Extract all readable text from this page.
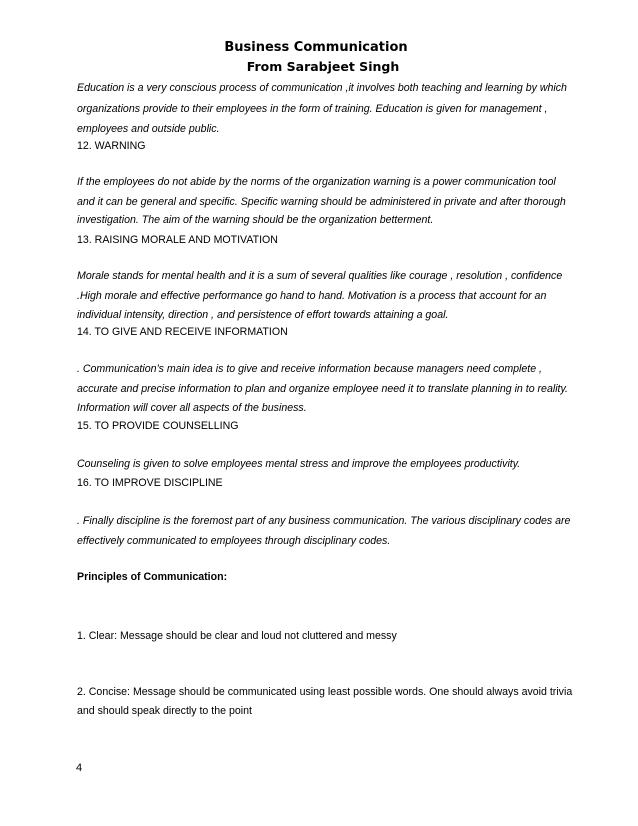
Business Communication
From Sarabjeet Singh
Education is a very conscious process of communication ,it involves both teaching and learning by which
organizations provide to their employees in the form of training. Education is given for management ,
employees and outside public.
12. WARNING
If the employees do not abide by the norms of the organization warning is a power communication tool
and it can be general and specific. Specific warning should be administered in private and after thorough
investigation. The aim of the warning should be the organization betterment.
13. RAISING MORALE AND MOTIVATION
Morale stands for mental health and it is a sum of several qualities like courage , resolution , confidence
.High morale and effective performance go hand to hand. Motivation is a process that account for an
individual intensity, direction , and persistence of effort towards attaining a goal.
14. TO GIVE AND RECEIVE INFORMATION
. Communication’s main idea is to give and receive information because managers need complete ,
accurate and precise information to plan and organize employee need it to translate planning in to reality.
Information will cover all aspects of the business.
15. TO PROVIDE COUNSELLING
Counseling is given to solve employees mental stress and improve the employees productivity.
16. TO IMPROVE DISCIPLINE
. Finally discipline is the foremost part of any business communication. The various disciplinary codes are
effectively communicated to employees through disciplinary codes.
Principles of Communication:
1. Clear: Message should be clear and loud not cluttered and messy
2. Concise: Message should be communicated using least possible words. One should always avoid trivia
and should speak directly to the point
4
